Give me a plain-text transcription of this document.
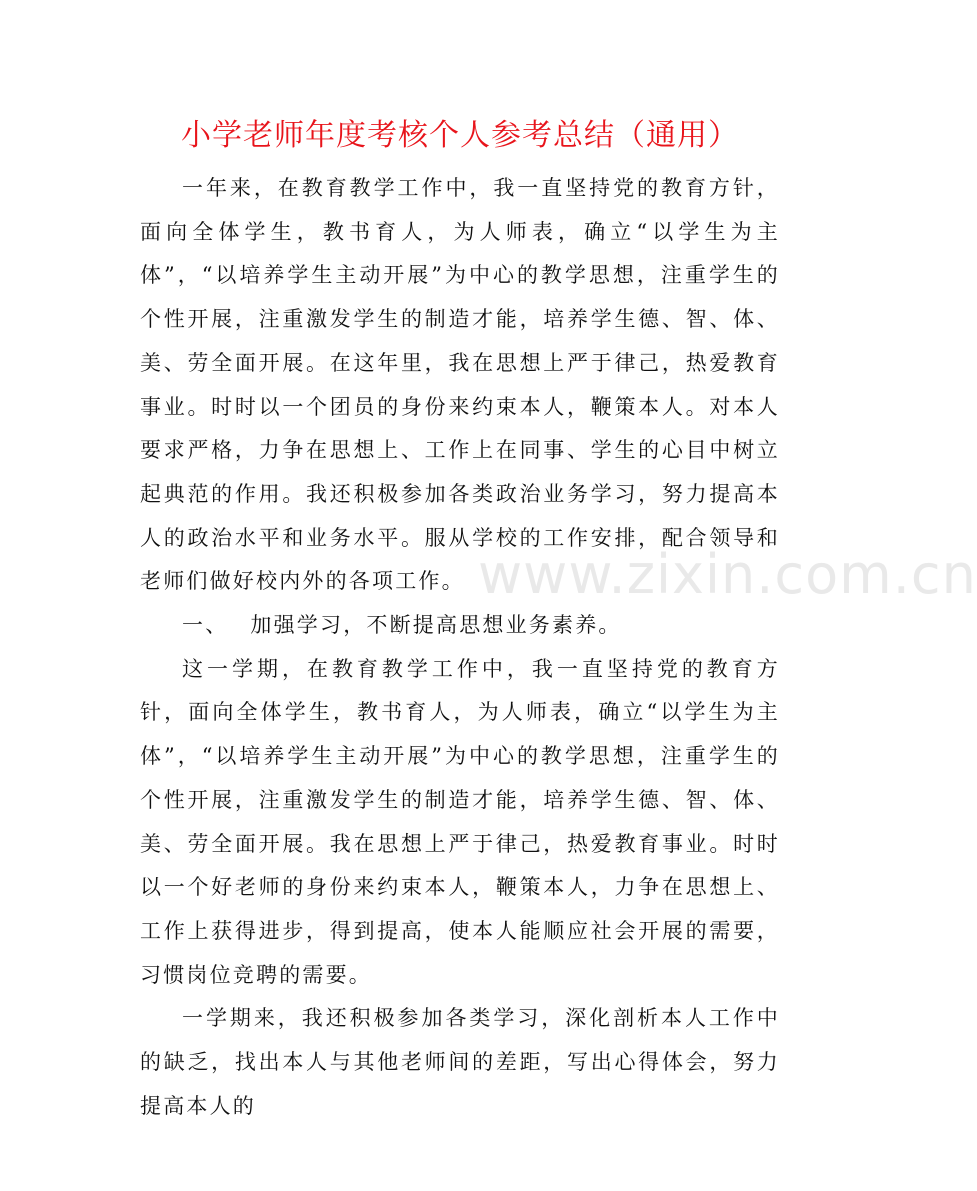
小学老师年度考核个人参考总结（通用）

一年来，在教育教学工作中，我一直坚持党的教育方针，面向全体学生，教书育人，为人师表，确立“以学生为主体”，“以培养学生主动开展”为中心的教学思想，注重学生的个性开展，注重激发学生的制造才能，培养学生德、智、体、美、劳全面开展。在这年里，我在思想上严于律己，热爱教育事业。时时以一个团员的身份来约束本人，鞭策本人。对本人要求严格，力争在思想上、工作上在同事、学生的心目中树立起典范的作用。我还积极参加各类政治业务学习，努力提高本人的政治水平和业务水平。服从学校的工作安排，配合领导和老师们做好校内外的各项工作。

一、 加强学习，不断提高思想业务素养。

这一学期，在教育教学工作中，我一直坚持党的教育方针，面向全体学生，教书育人，为人师表，确立“以学生为主体”，“以培养学生主动开展”为中心的教学思想，注重学生的个性开展，注重激发学生的制造才能，培养学生德、智、体、美、劳全面开展。我在思想上严于律己，热爱教育事业。时时以一个好老师的身份来约束本人，鞭策本人，力争在思想上、工作上获得进步，得到提高，使本人能顺应社会开展的需要，习惯岗位竞聘的需要。

一学期来，我还积极参加各类学习，深化剖析本人工作中的缺乏，找出本人与其他老师间的差距，写出心得体会，努力提高本人的

www.zixin.com.cn
